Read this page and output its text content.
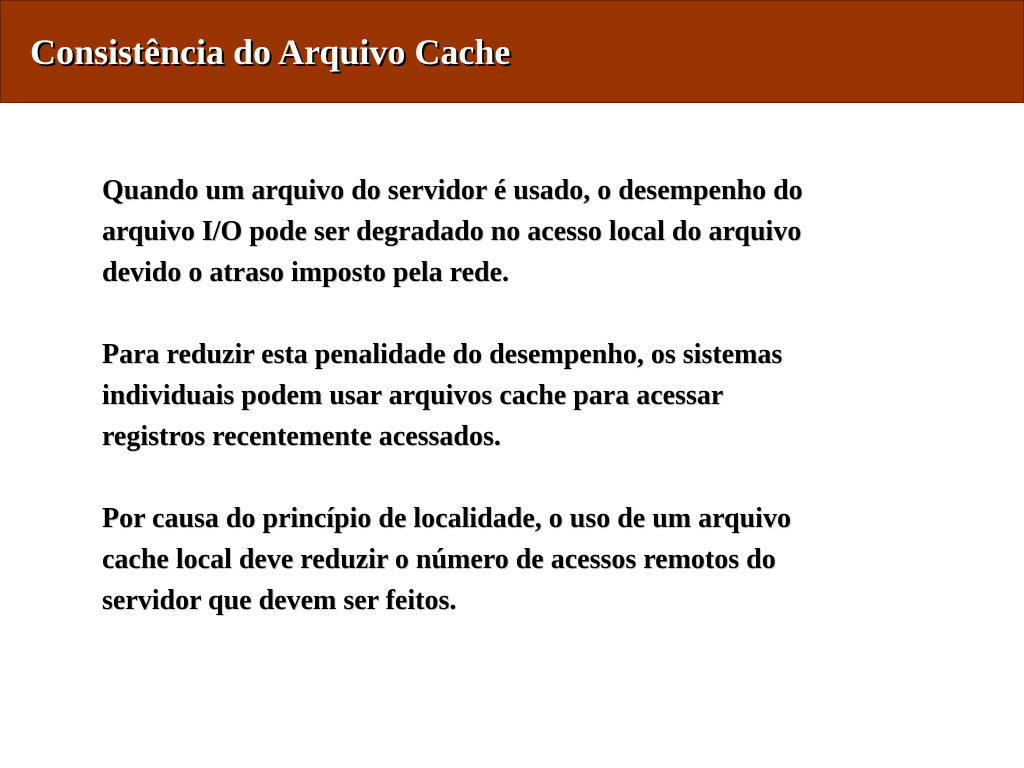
Consistência do Arquivo Cache

Quando um arquivo do servidor é usado, o desempenho do
arquivo I/O pode ser degradado no acesso local do arquivo
devido o atraso imposto pela rede.

Para reduzir esta penalidade do desempenho, os sistemas
individuais podem usar arquivos cache para acessar
registros recentemente acessados.

Por causa do princípio de localidade, o uso de um arquivo
cache local deve reduzir o número de acessos remotos do
servidor que devem ser feitos.
